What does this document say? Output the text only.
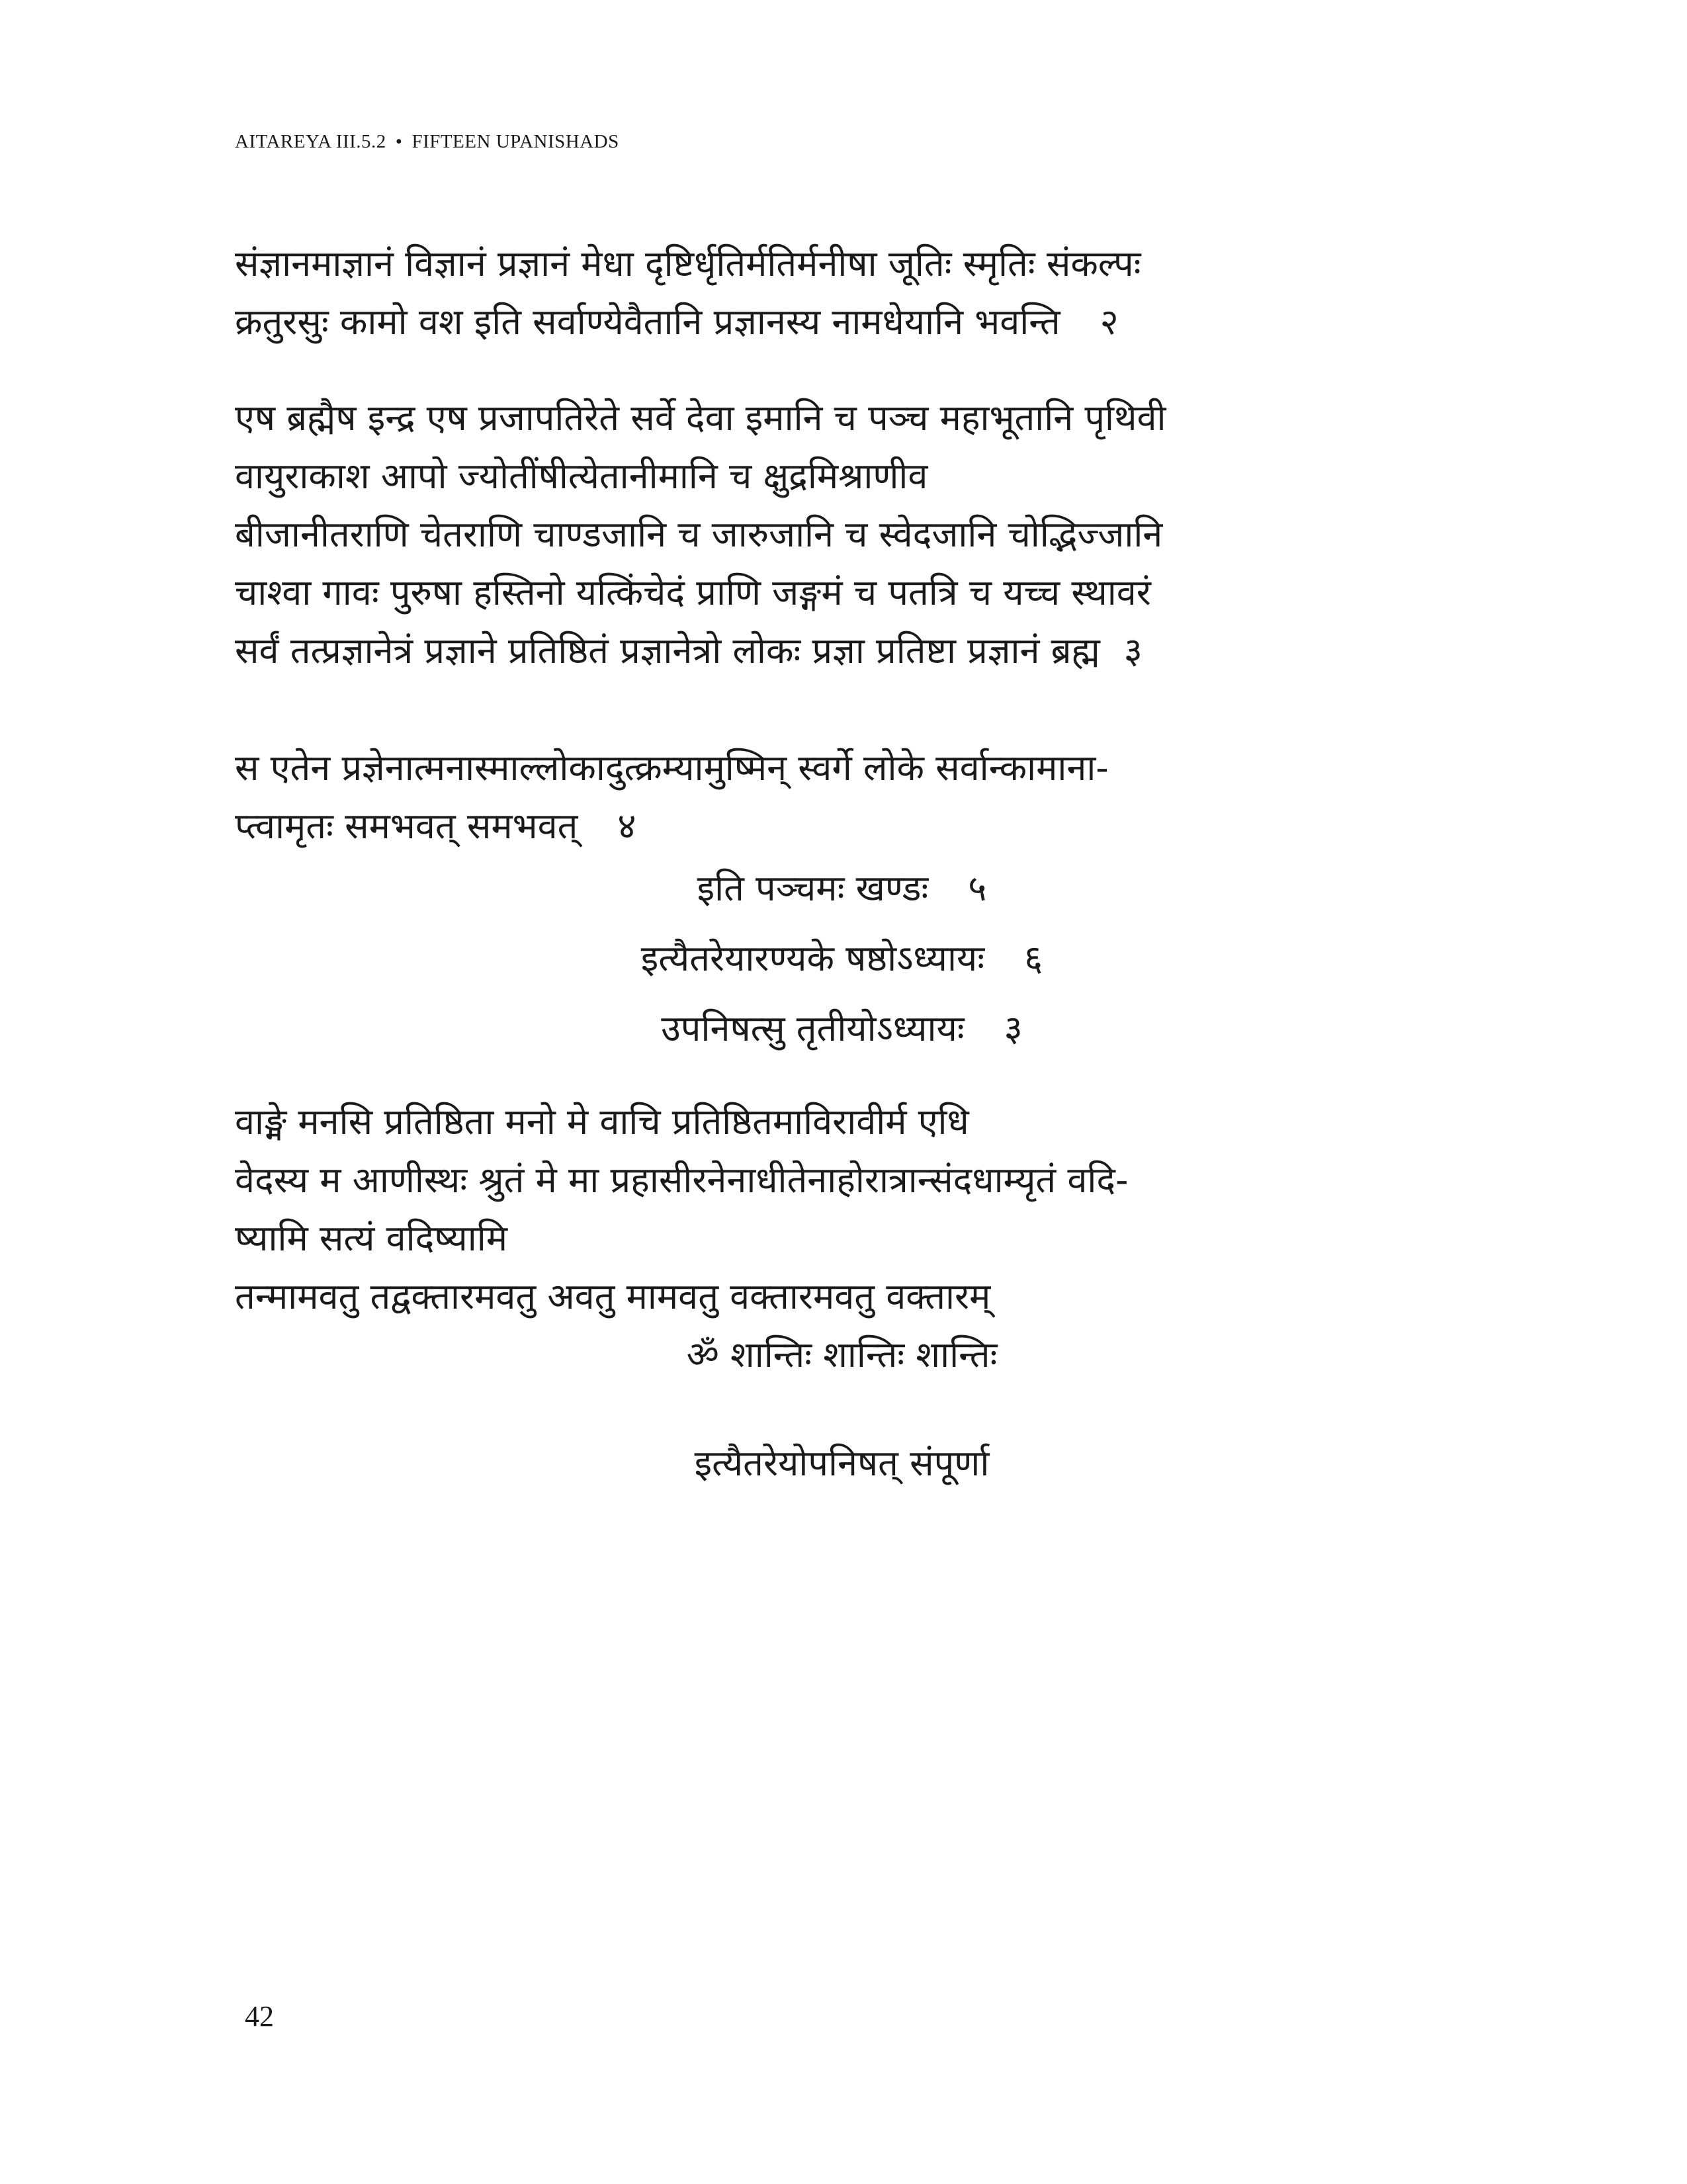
AITAREYA III.5.2 • FIFTEEN UPANISHADS
संज्ञानमाज्ञानं विज्ञानं प्रज्ञानं मेधा दृष्टिर्धृतिर्मतिर्मनीषा जूतिः स्मृतिः संकल्पः
क्रतुरसुः कामो वश इति सर्वाण्येवैतानि प्रज्ञानस्य नामधेयानि भवन्ति २
एष ब्रह्मैष इन्द्र एष प्रजापतिरेते सर्वे देवा इमानि च पञ्च महाभूतानि पृथिवी
वायुराकाश आपो ज्योतींषीत्येतानीमानि च क्षुद्रमिश्राणीव
बीजानीतराणि चेतराणि चाण्डजानि च जारुजानि च स्वेदजानि चोद्भिज्जानि
चाश्वा गावः पुरुषा हस्तिनो यत्किंचेदं प्राणि जङ्गमं च पतत्रि च यच्च स्थावरं
सर्वं तत्प्रज्ञानेत्रं प्रज्ञाने प्रतिष्ठितं प्रज्ञानेत्रो लोकः प्रज्ञा प्रतिष्टा प्रज्ञानं ब्रह्म ३
स एतेन प्रज्ञेनात्मनास्माल्लोकादुत्क्रम्यामुष्मिन् स्वर्गे लोके सर्वान्कामाना-
प्त्वामृतः समभवत् समभवत् ४
इति पञ्चमः खण्डः ५
इत्यैतरेयारण्यके षष्ठोऽध्यायः ६
उपनिषत्सु तृतीयोऽध्यायः ३
वाङ्मे मनसि प्रतिष्ठिता मनो मे वाचि प्रतिष्ठितमाविरावीर्म एधि
वेदस्य म आणीस्थः श्रुतं मे मा प्रहासीरनेनाधीतेनाहोरात्रान्संदधाम्यृतं वदि-
ष्यामि सत्यं वदिष्यामि
तन्मामवतु तद्वक्तारमवतु अवतु मामवतु वक्तारमवतु वक्तारम्
ॐ शान्तिः शान्तिः शान्तिः
इत्यैतरेयोपनिषत् संपूर्णा
42
